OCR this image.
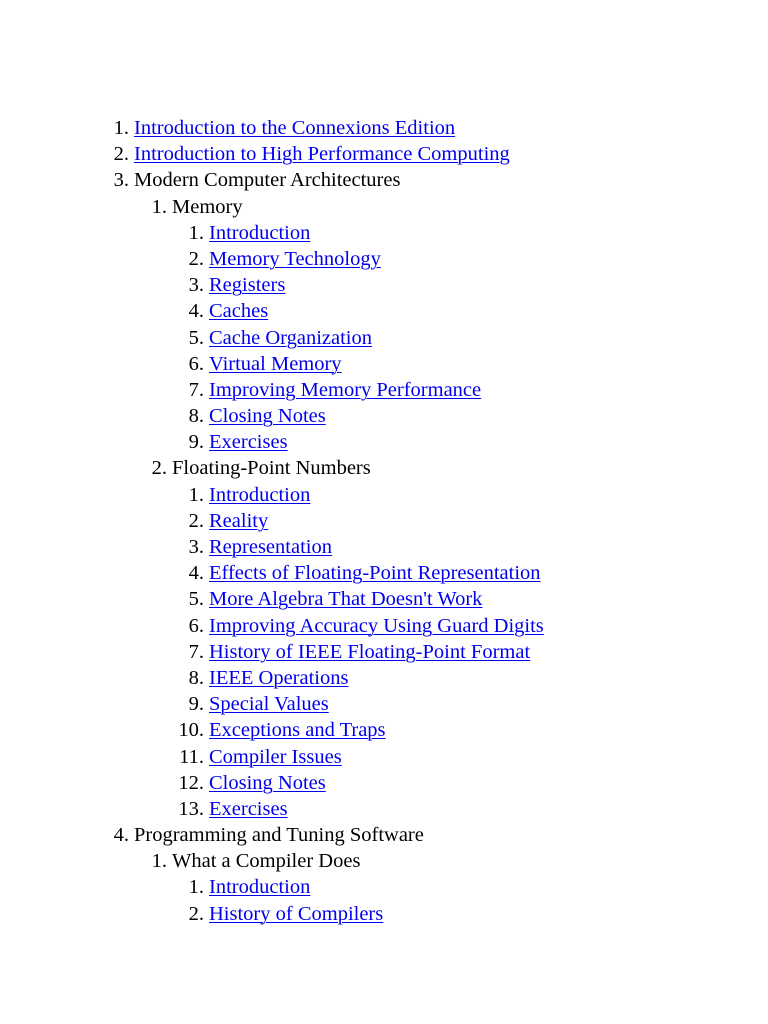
1. Introduction to the Connexions Edition
2. Introduction to High Performance Computing
3. Modern Computer Architectures
1. Memory
1. Introduction
2. Memory Technology
3. Registers
4. Caches
5. Cache Organization
6. Virtual Memory
7. Improving Memory Performance
8. Closing Notes
9. Exercises
2. Floating-Point Numbers
1. Introduction
2. Reality
3. Representation
4. Effects of Floating-Point Representation
5. More Algebra That Doesn't Work
6. Improving Accuracy Using Guard Digits
7. History of IEEE Floating-Point Format
8. IEEE Operations
9. Special Values
10. Exceptions and Traps
11. Compiler Issues
12. Closing Notes
13. Exercises
4. Programming and Tuning Software
1. What a Compiler Does
1. Introduction
2. History of Compilers
